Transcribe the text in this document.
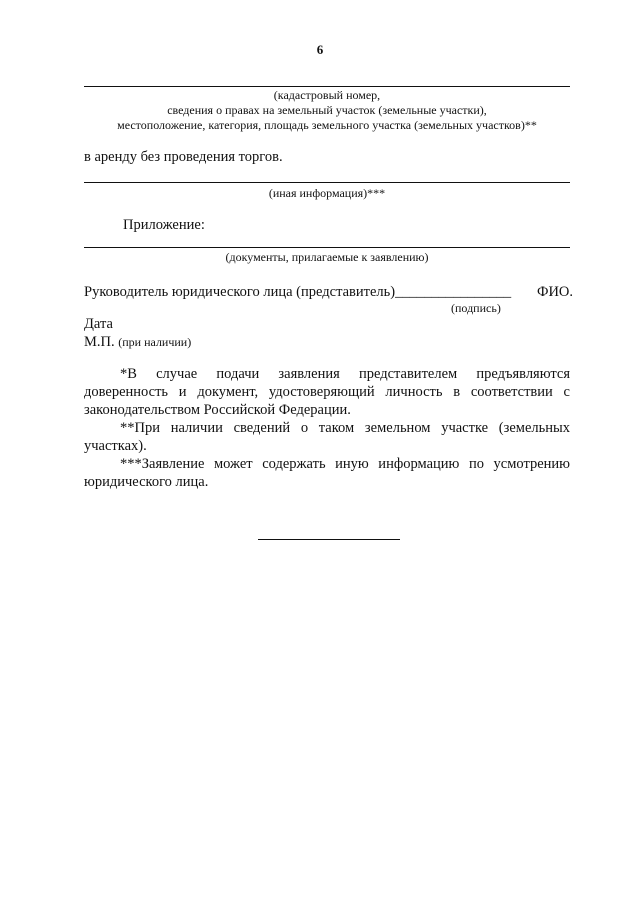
6
(кадастровый номер,
сведения о правах на земельный участок (земельные участки),
местоположение, категория, площадь земельного участка (земельных участков)**
в аренду без проведения торгов.
(иная информация)***
Приложение:
(документы, прилагаемые к заявлению)
Руководитель юридического лица (представитель)________________ ФИО.
(подпись)
Дата
М.П. (при наличии)
*В случае подачи заявления представителем предъявляются доверенность и документ, удостоверяющий личность в соответствии с законодательством Российской Федерации.
**При наличии сведений о таком земельном участке (земельных участках).
***Заявление может содержать иную информацию по усмотрению юридического лица.
